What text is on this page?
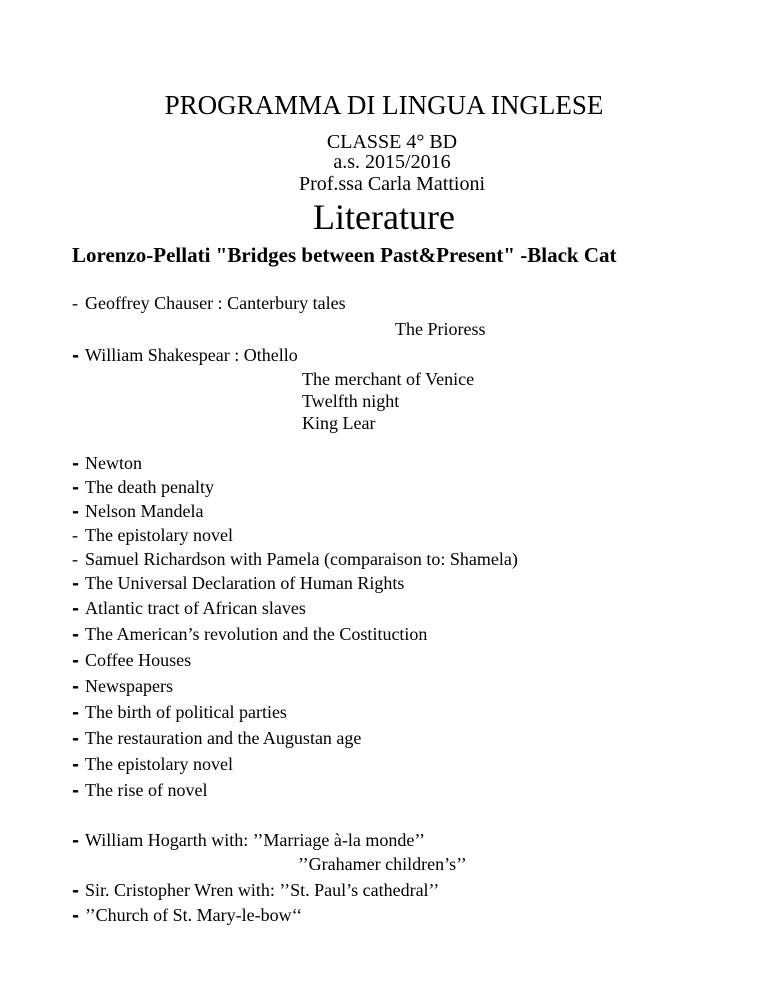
PROGRAMMA DI LINGUA INGLESE
CLASSE 4° BD
a.s. 2015/2016
Prof.ssa Carla Mattioni
Literature
Lorenzo-Pellati "Bridges between Past&Present" -Black Cat
- Geoffrey Chauser : Canterbury tales
The Prioress
- William Shakespear : Othello
The merchant of Venice
Twelfth night
King Lear
- Newton
- The death penalty
- Nelson Mandela
- The epistolary novel
- Samuel Richardson with Pamela (comparaison to: Shamela)
- The Universal Declaration of Human Rights
- Atlantic tract of African slaves
- The American’s revolution and the Costituction
- Coffee Houses
- Newspapers
- The birth of political parties
- The restauration and the Augustan age
- The epistolary novel
- The rise of novel
- William Hogarth with: ’’Marriage à-la monde’’
’’Grahamer children’s’’
- Sir. Cristopher Wren with: ’’St. Paul’s cathedral’’
- ’’Church of St. Mary-le-bow‘‘
